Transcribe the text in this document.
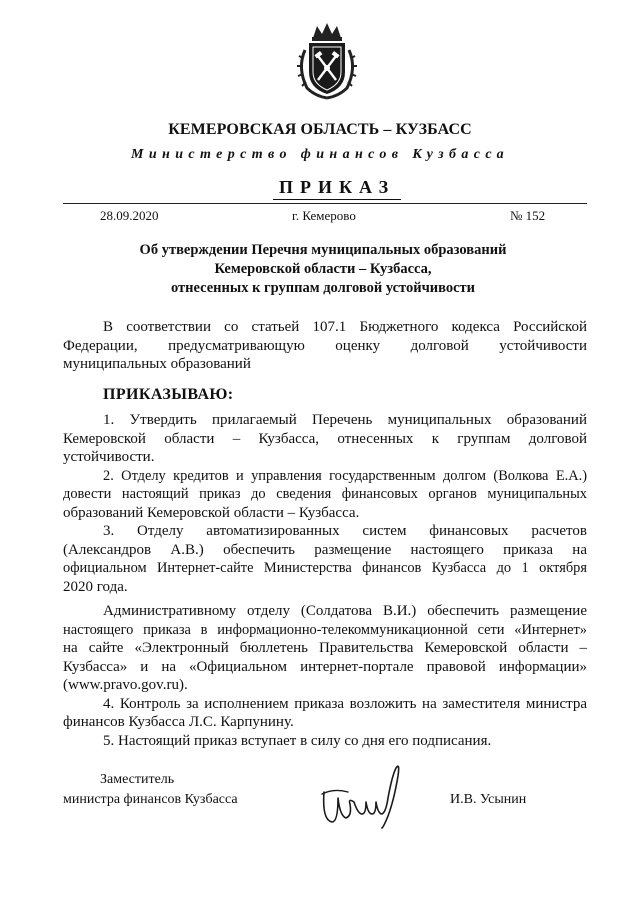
КЕМЕРОВСКАЯ ОБЛАСТЬ – КУЗБАСС
Министерство финансов Кузбасса
ПРИКАЗ
28.09.2020	г. Кемерово	№ 152
Об утверждении Перечня муниципальных образований
Кемеровской области – Кузбасса,
отнесенных к группам долговой устойчивости
В соответствии со статьей 107.1 Бюджетного кодекса Российской
Федерации, предусматривающую оценку долговой устойчивости
муниципальных образований
ПРИКАЗЫВАЮ:
1. Утвердить прилагаемый Перечень муниципальных образований
Кемеровской области – Кузбасса, отнесенных к группам долговой
устойчивости.
2. Отделу кредитов и управления государственным долгом (Волкова Е.А.)
довести настоящий приказ до сведения финансовых органов муниципальных
образований Кемеровской области – Кузбасса.
3. Отделу автоматизированных систем финансовых расчетов
(Александров А.В.) обеспечить размещение настоящего приказа на
официальном Интернет-сайте Министерства финансов Кузбасса до 1 октября
2020 года.
Административному отделу (Солдатова В.И.) обеспечить размещение
настоящего приказа в информационно-телекоммуникационной сети «Интернет»
на сайте «Электронный бюллетень Правительства Кемеровской области –
Кузбасса» и на «Официальном интернет-портале правовой информации»
(www.pravo.gov.ru).
4. Контроль за исполнением приказа возложить на заместителя министра
финансов Кузбасса Л.С. Карпунину.
5. Настоящий приказ вступает в силу со дня его подписания.
Заместитель
министра финансов Кузбасса	И.В. Усынин
